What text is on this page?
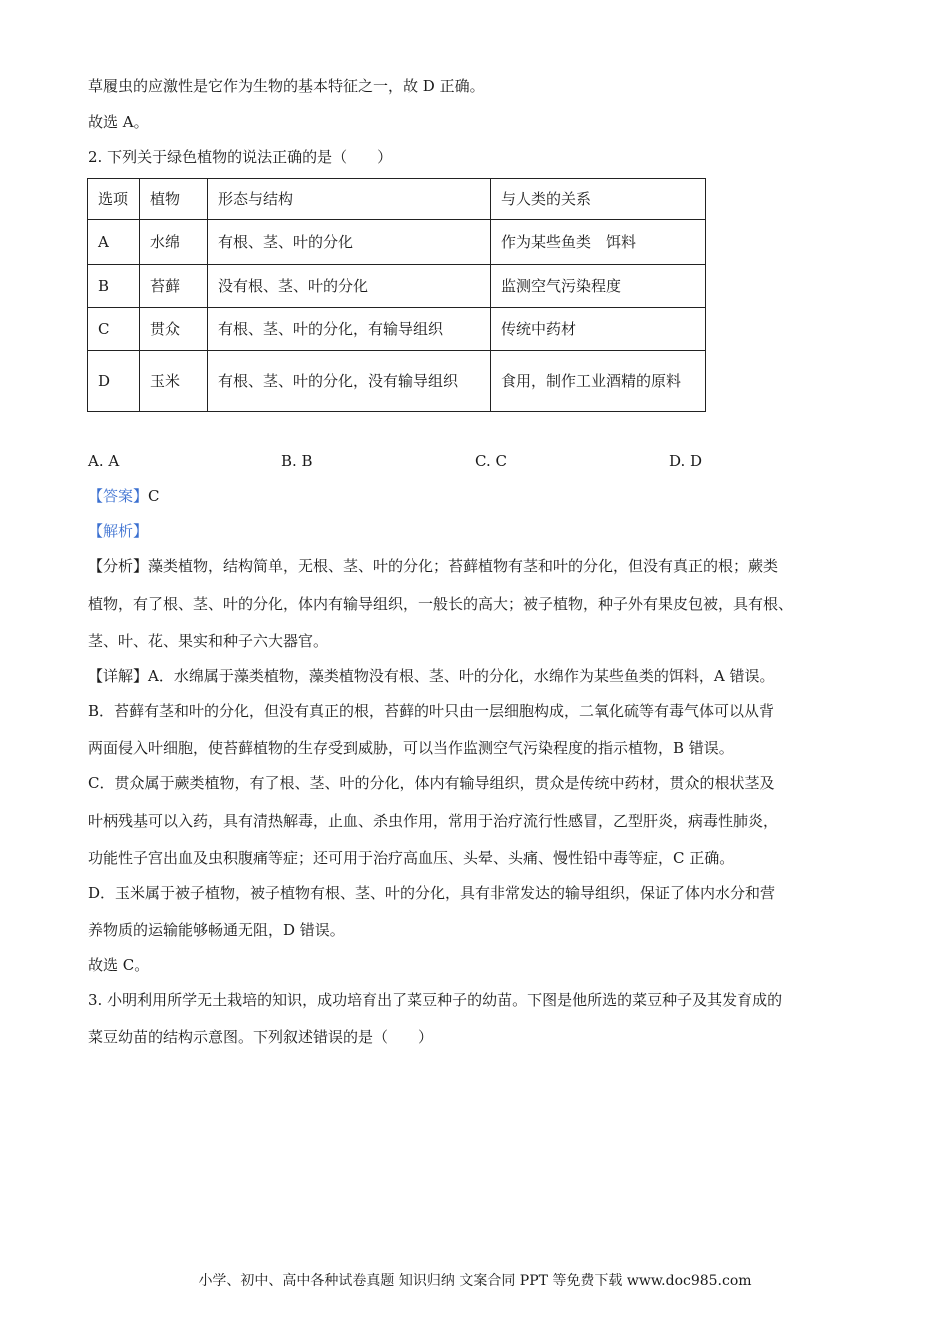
草履虫的应激性是它作为生物的基本特征之一，故 D 正确。
故选 A。
2. 下列关于绿色植物的说法正确的是（　　）
选项	植物	形态与结构	与人类的关系
A	水绵	有根、茎、叶的分化	作为某些鱼类　饵料
B	苔藓	没有根、茎、叶的分化	监测空气污染程度
C	贯众	有根、茎、叶的分化，有输导组织	传统中药材
D	玉米	有根、茎、叶的分化，没有输导组织	食用，制作工业酒精的原料
A. A	B. B	C. C	D. D
【答案】C
【解析】
【分析】藻类植物，结构简单，无根、茎、叶的分化；苔藓植物有茎和叶的分化，但没有真正的根；蕨类
植物，有了根、茎、叶的分化，体内有输导组织，一般长的高大；被子植物，种子外有果皮包被，具有根、
茎、叶、花、果实和种子六大器官。
【详解】A．水绵属于藻类植物，藻类植物没有根、茎、叶的分化，水绵作为某些鱼类的饵料，A 错误。
B．苔藓有茎和叶的分化，但没有真正的根，苔藓的叶只由一层细胞构成，二氧化硫等有毒气体可以从背
两面侵入叶细胞，使苔藓植物的生存受到威胁，可以当作监测空气污染程度的指示植物，B 错误。
C．贯众属于蕨类植物，有了根、茎、叶的分化，体内有输导组织，贯众是传统中药材，贯众的根状茎及
叶柄残基可以入药，具有清热解毒，止血、杀虫作用，常用于治疗流行性感冒，乙型肝炎，病毒性肺炎，
功能性子宫出血及虫积腹痛等症；还可用于治疗高血压、头晕、头痛、慢性铅中毒等症，C 正确。
D．玉米属于被子植物，被子植物有根、茎、叶的分化，具有非常发达的输导组织，保证了体内水分和营
养物质的运输能够畅通无阻，D 错误。
故选 C。
3. 小明利用所学无土栽培的知识，成功培育出了菜豆种子的幼苗。下图是他所选的菜豆种子及其发育成的
菜豆幼苗的结构示意图。下列叙述错误的是（　　）
小学、初中、高中各种试卷真题 知识归纳 文案合同 PPT 等免费下载 www.doc985.com
